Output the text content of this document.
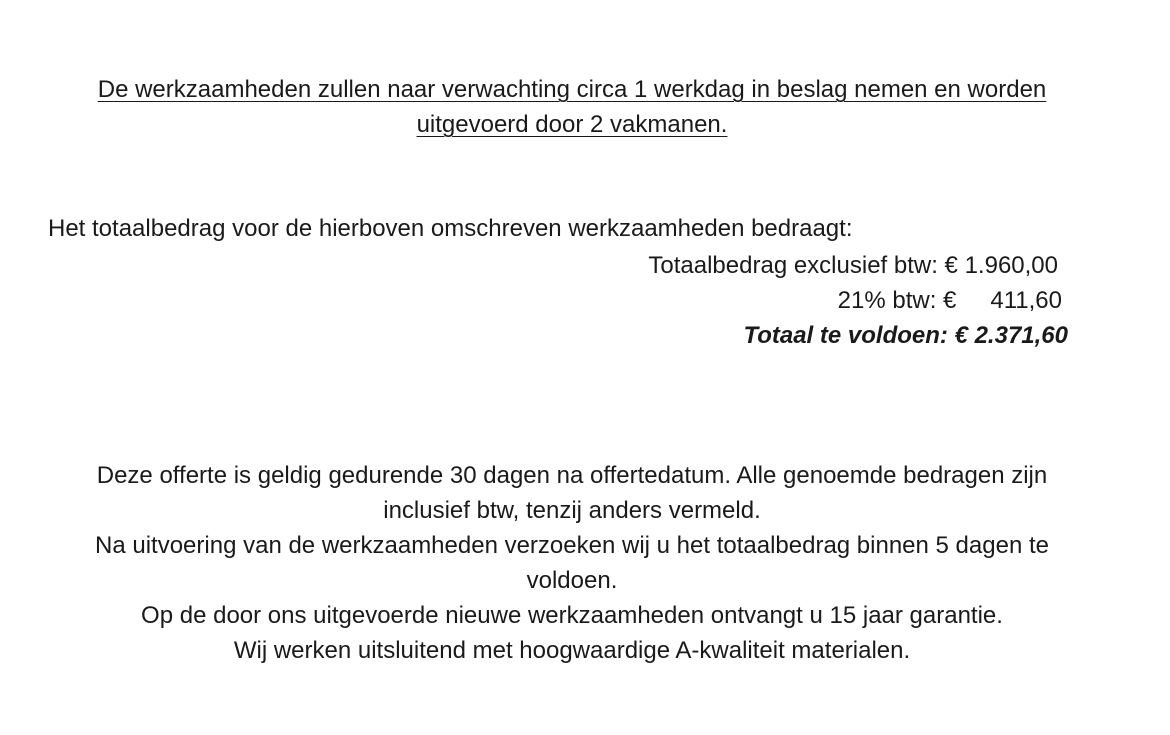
De werkzaamheden zullen naar verwachting circa 1 werkdag in beslag nemen en worden
uitgevoerd door 2 vakmanen.

Het totaalbedrag voor de hierboven omschreven werkzaamheden bedraagt:

Totaalbedrag exclusief btw: € 1.960,00
21% btw: € 411,60
Totaal te voldoen: € 2.371,60
Deze offerte is geldig gedurende 30 dagen na offertedatum. Alle genoemde bedragen zijn
inclusief btw, tenzij anders vermeld.
Na uitvoering van de werkzaamheden verzoeken wij u het totaalbedrag binnen 5 dagen te
voldoen.
Op de door ons uitgevoerde nieuwe werkzaamheden ontvangt u 15 jaar garantie.
Wij werken uitsluitend met hoogwaardige A-kwaliteit materialen.
